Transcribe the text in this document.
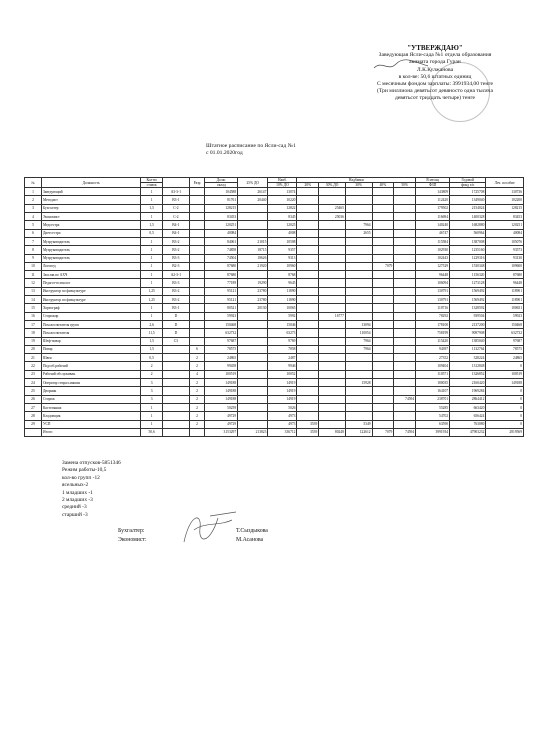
"УТВЕРЖДАЮ"
Заведующая Ясли-сада №1 отдела образования
акимата города Гуран
Л.К.Кулжанова
в кол-ве: 50,6 штатных единиц
С месячным фондом зарплаты: 3991934,00 тенге
(Три миллиона девятьсот девяносто одна тысяча
девятьсот тридцать четыре) тенге
Штатное расписание по Ясли-сад №1
с 01.01.2020год
№	Должность	Кол-во		Разр	Долж.	25% ДО	Наиб.	Надбавки					В месяц	Годовой	Леч. пособие
		ставок			оклад		10% ДО	20%	30% ДО	30%	40%	50%	ФЗП	фонд з/п	
1	Заведующий	1	А3-3-1		104588	26147	13074						143809	1725708	130736
2	Методист	1	В3-1		81761	20440	10220						112420	1349040	102200
3	Бухгалтер	1,5	С-2		128215		12822		25465				179502	2154024	128215
4	Экономист	1	С-2		83453		8345		25036				116694	1400328	83453
5	Медсестра	1,5	В4-1		120251		12025			7964			140240	1682880	120251
6	Диетсестра	0,5	В4-1		40084		4008			2655			46747	560964	40084
7	Музруководитель	1	В3-2		84061	21015	10508						115584	1387008	105076
8	Музруководитель	1	В3-2		74858	18715	9357						102930	1235160	93573
9	Музруководитель	1	В3-3		74504	18626	9313						102443	1229316	93130
10	Логопед	1	В2-3		87680	21920	10960				7079		127529	1530348	109600
11	Зам.зав.по АХЧ	1	А2-3-1		87680		8768						96448	1156320	87680
12	Педагог-психолог	1	В3-3		77189	19290	9645						106094	1273128	96448
13	Инструктор по физкультуре	1,25	В3-2		95121	23780	11890						130791	1569492	118901
14	Инструктор по физкультуре	1,25	В3-2		95121	23780	11890						130791	1569492	118901
15	Хореограф	1	В3-1		80521	20130	10065						110716	1328592	100651
16	Сторожпр	1	D		59923		5992		16777				78292	939504	59923
17	Пом.воспитателя групп	2,6	D		150468		15046			13094			178100	2137200	150468
18	Пом.воспитателя	11,5	D		632732		63273			110054			758199	9097908	632732
19	Шеф-повар	1,5	С3		97687		9769			7964			115420	1385040	97687
20	Повар	1,5		6	78575		7858			7964			94397	1132764	78575
21	Швея	0,5		2	24865		2487						27352	328224	24865
22	Подсоб.рабочий	2		2	99458		9946						109404	1312848	0
23	Рабочий обслуживан.	2		4	100519		10052						110571	1326852	100519
24	Оператор стирал.машин	3		2	149188		14919			15928			180035	2160420	149188
25	Дворник	3		2	149188		14919						164107	1969284	0
26	Сторож	3		2	149188		14919					74594	238701	2864412	0
27	Кастелянша	1		2	50259		5026						55285	663420	0
28	Кладовщик	1		2	49729		4973						54702	656424	0
29	УСП	1		2	49729		4973	3539		5349			63590	763080	0
	Итого:	50,6			3153297	213823	336712	3539	80248	122612	7079	74594	3991934	47903232	2819569
Замена отпусков-5851346
Режим работы-10,5
кол-во групп -12
ясельных-2
1 младших -1
2 младших -3
средний -3
старший -3
Бухгалтер:
Экономист:
Т.Сыздыкова
М.Асанова
